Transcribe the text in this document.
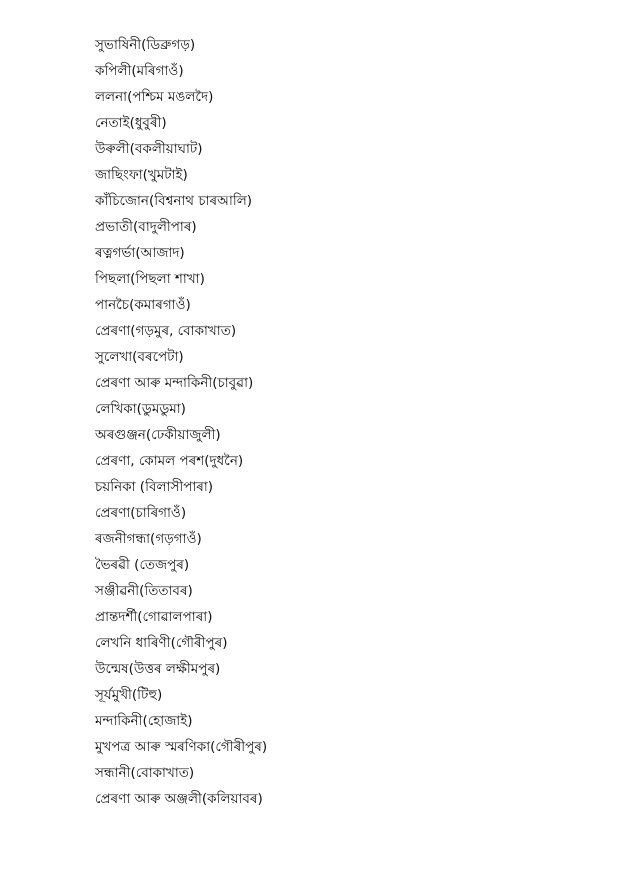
সুভাষিনী(ডিব্ৰুগড়)
কপিলী(মৰিগাওঁ)
ললনা(পশ্চিম মঙলদৈ)
নেতাই(ধুবুৰী)
উৰুলী(বকলীয়াঘাট)
জাছিংফা(খুমটাই)
কাঁচিজোন(বিশ্বনাথ চাৰআলি)
প্ৰভাতী(বাদুলীপাৰ)
ৰত্নগৰ্ভা(আজাদ)
পিছলা(পিছলা শাখা)
পানচৈ(কমাৰগাওঁ)
প্ৰেৰণা(গড়মুৰ, বোকাখাত)
সুলেখা(বৰপেটা)
প্ৰেৰণা আৰু মন্দাকিনী(চাবুৱা)
লেখিকা(ডুমডুমা)
অৰগুঞ্জন(ঢেকীয়াজুলী)
প্ৰেৰণা, কোমল পৰশ(দুধনৈ)
চয়নিকা (বিলাসীপাৰা)
প্ৰেৰণা(চাৰিগাওঁ)
ৰজনীগন্ধা(গড়গাওঁ)
ভৈৰৱী (তেজপুৰ)
সঞ্জীৱনী(তিতাবৰ)
প্ৰান্তদৰ্শী(গোৱালপাৰা)
লেখনি ধাৰিণী(গৌৰীপুৰ)
উন্মেষ(উত্তৰ লক্ষীমপুৰ)
সূৰ্যমুখী(টিহু)
মন্দাকিনী(হোজাই)
মুখপত্ৰ আৰু স্মৰণিকা(গৌৰীপুৰ)
সন্ধানী(বোকাখাত)
প্ৰেৰণা আৰু অঞ্জলী(কলিয়াবৰ)
